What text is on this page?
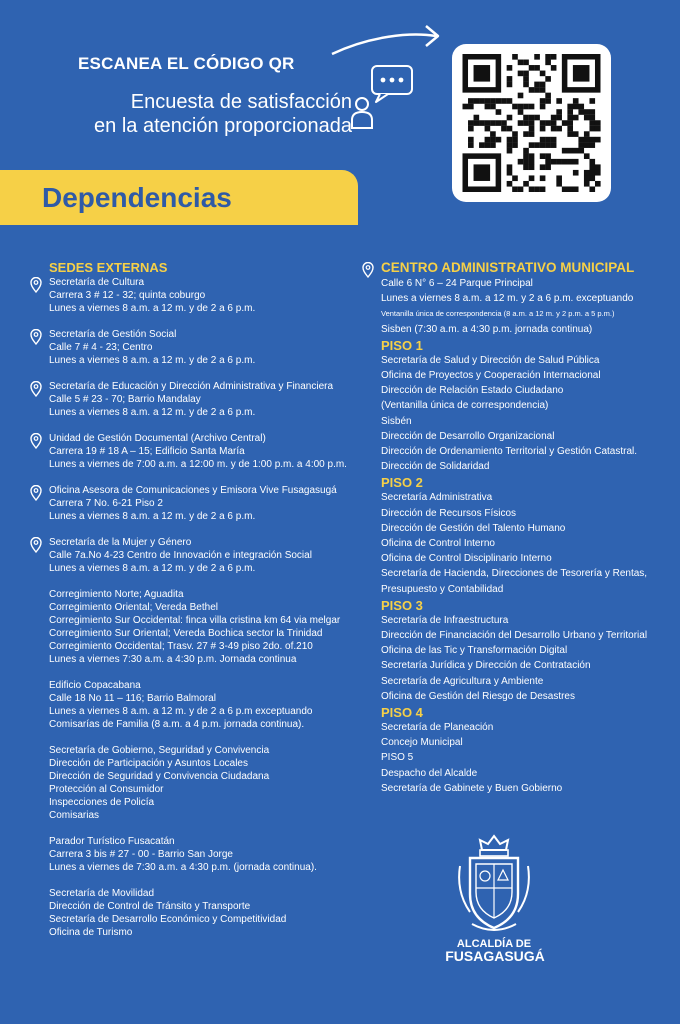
ESCANEA EL CÓDIGO QR
Encuesta de satisfacción
en la atención proporcionada
Dependencias
SEDES EXTERNAS
Secretaría de Cultura
Carrera 3 # 12 - 32; quinta coburgo
Lunes a viernes 8 a.m. a 12 m. y de 2 a 6 p.m.
Secretaría de Gestión Social
Calle 7 # 4 - 23; Centro
Lunes a viernes 8 a.m. a 12 m. y de 2 a 6 p.m.
Secretaría de Educación y Dirección Administrativa y Financiera
Calle 5 # 23 - 70; Barrio Mandalay
Lunes a viernes 8 a.m. a 12 m. y de 2 a 6 p.m.
Unidad de Gestión Documental (Archivo Central)
Carrera 19 # 18 A – 15; Edificio Santa María
Lunes a viernes de 7:00 a.m. a 12:00 m. y de 1:00 p.m. a 4:00 p.m.
Oficina Asesora de Comunicaciones y Emisora Vive Fusagasugá
Carrera 7 No. 6-21 Piso 2
Lunes a viernes 8 a.m. a 12 m. y de 2 a 6 p.m.
Secretaría de la Mujer y Género
Calle 7a.No 4-23 Centro de Innovación e integración Social
Lunes a viernes 8 a.m. a 12 m. y de 2 a 6 p.m.
Corregimiento Norte; Aguadita
Corregimiento Oriental; Vereda Bethel
Corregimiento Sur Occidental: finca villa cristina km 64 via melgar
Corregimiento Sur Oriental; Vereda Bochica sector la Trinidad
Corregimiento Occidental; Trasv. 27 # 3-49 piso 2do. of.210
Lunes a viernes 7:30 a.m. a 4:30 p.m. Jornada continua
Edificio Copacabana
Calle 18 No 11 – 116; Barrio Balmoral
Lunes a viernes 8 a.m. a 12 m. y de 2 a 6 p.m exceptuando
Comisarías de Familia (8 a.m. a 4 p.m. jornada continua).
Secretaría de Gobierno, Seguridad y Convivencia
Dirección de Participación y Asuntos Locales
Dirección de Seguridad y Convivencia Ciudadana
Protección al Consumidor
Inspecciones de Policía
Comisarias
Parador Turístico Fusacatán
Carrera 3 bis # 27 - 00 - Barrio San Jorge
Lunes a viernes de 7:30 a.m. a 4:30 p.m. (jornada continua).
Secretaría de Movilidad
Dirección de Control de Tránsito y Transporte
Secretaría de Desarrollo Económico y Competitividad
Oficina de Turismo
CENTRO ADMINISTRATIVO MUNICIPAL
Calle 6 N° 6 – 24 Parque Principal
Lunes a viernes 8 a.m. a 12 m. y 2 a 6 p.m. exceptuando
Ventanilla única de correspondencia (8 a.m. a 12 m. y 2 p.m. a 5 p.m.)
Sisben (7:30 a.m. a 4:30 p.m. jornada continua)
PISO 1
Secretaría de Salud y Dirección de Salud Pública
Oficina de Proyectos y Cooperación Internacional
Dirección de Relación Estado Ciudadano
(Ventanilla única de correspondencia)
Sisbén
Dirección de Desarrollo Organizacional
Dirección de Ordenamiento Territorial y Gestión Catastral.
Dirección de Solidaridad
PISO 2
Secretaría Administrativa
Dirección de Recursos Físicos
Dirección de Gestión del Talento Humano
Oficina de Control Interno
Oficina de Control Disciplinario Interno
Secretaría de Hacienda, Direcciones de Tesorería y Rentas,
Presupuesto y Contabilidad
PISO 3
Secretaría de Infraestructura
Dirección de Financiación del Desarrollo Urbano y Territorial
Oficina de las Tic y Transformación Digital
Secretaría Jurídica y Dirección de Contratación
Secretaría de Agricultura y Ambiente
Oficina de Gestión del Riesgo de Desastres
PISO 4
Secretaría de Planeación
Concejo Municipal
PISO 5
Despacho del Alcalde
Secretaría de Gabinete y Buen Gobierno
ALCALDÍA DE
FUSAGASUGÁ
